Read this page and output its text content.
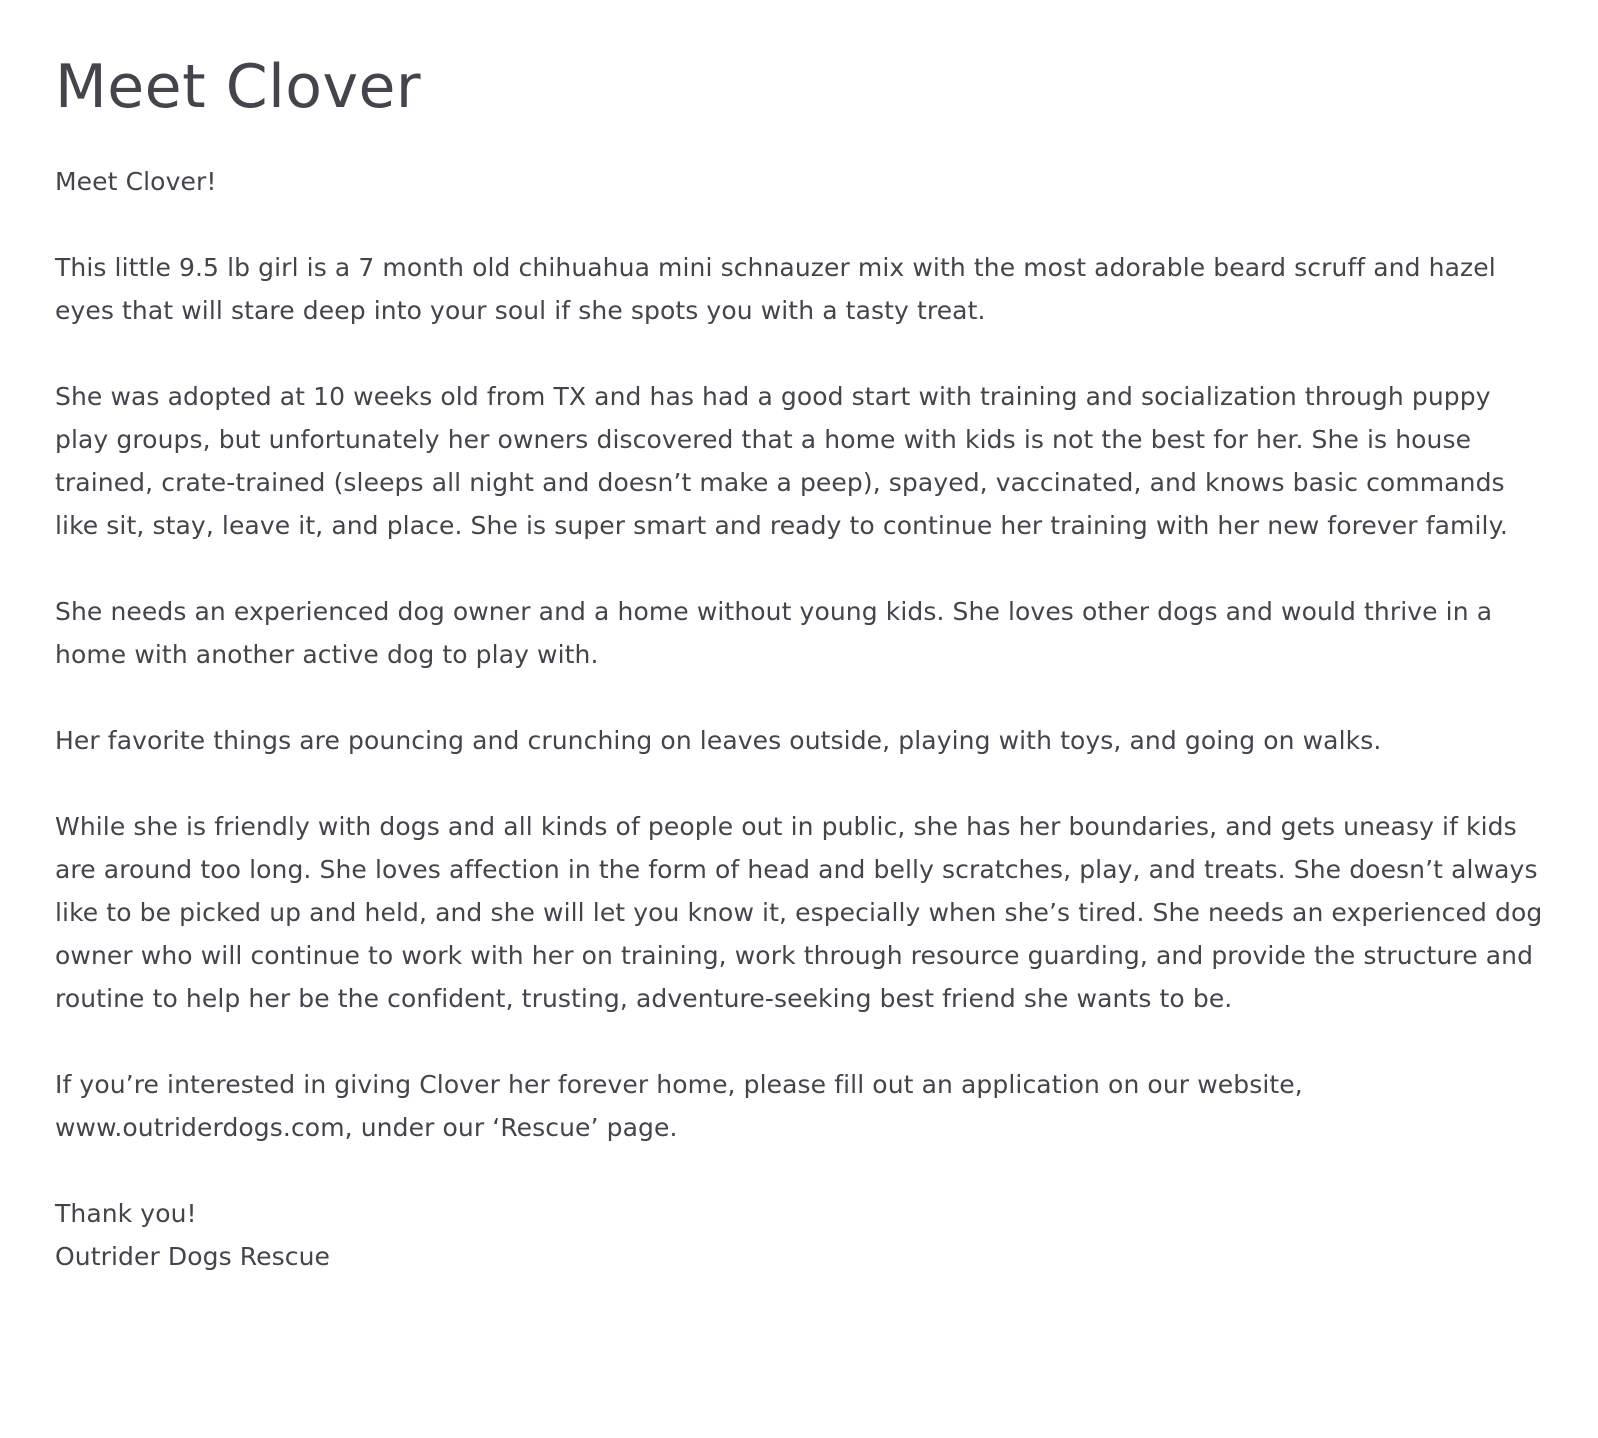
Meet Clover

Meet Clover!

This little 9.5 lb girl is a 7 month old chihuahua mini schnauzer mix with the most adorable beard scruff and hazel eyes that will stare deep into your soul if she spots you with a tasty treat.

She was adopted at 10 weeks old from TX and has had a good start with training and socialization through puppy play groups, but unfortunately her owners discovered that a home with kids is not the best for her. She is house trained, crate-trained (sleeps all night and doesn’t make a peep), spayed, vaccinated, and knows basic commands like sit, stay, leave it, and place. She is super smart and ready to continue her training with her new forever family.

She needs an experienced dog owner and a home without young kids. She loves other dogs and would thrive in a home with another active dog to play with.

Her favorite things are pouncing and crunching on leaves outside, playing with toys, and going on walks.

While she is friendly with dogs and all kinds of people out in public, she has her boundaries, and gets uneasy if kids are around too long. She loves affection in the form of head and belly scratches, play, and treats. She doesn’t always like to be picked up and held, and she will let you know it, especially when she’s tired. She needs an experienced dog owner who will continue to work with her on training, work through resource guarding, and provide the structure and routine to help her be the confident, trusting, adventure-seeking best friend she wants to be.

If you’re interested in giving Clover her forever home, please fill out an application on our website, www.outriderdogs.com, under our ‘Rescue’ page.

Thank you!
Outrider Dogs Rescue
